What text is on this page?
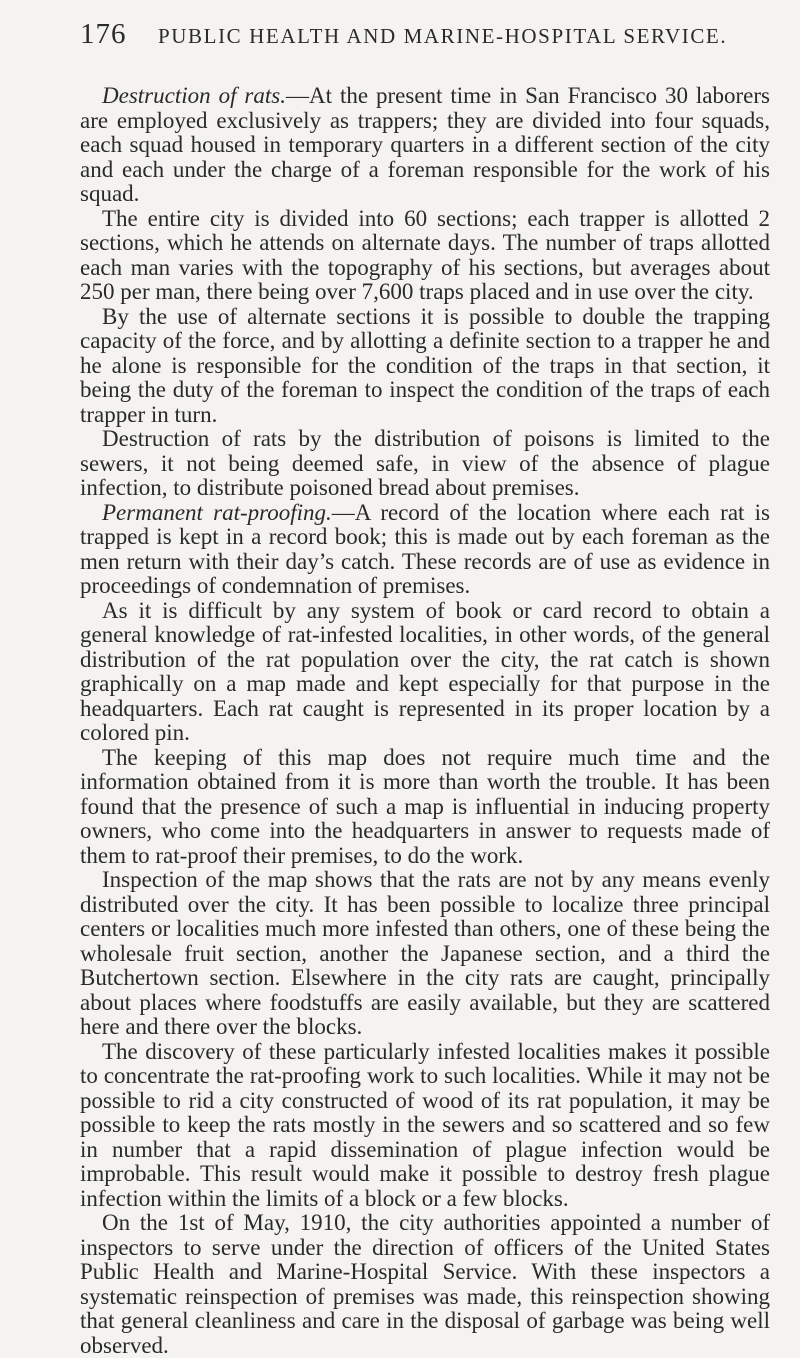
176	PUBLIC HEALTH AND MARINE-HOSPITAL SERVICE.

Destruction of rats.—At the present time in San Francisco 30 laborers are employed exclusively as trappers; they are divided into four squads, each squad housed in temporary quarters in a different section of the city and each under the charge of a foreman responsible for the work of his squad.

The entire city is divided into 60 sections; each trapper is allotted 2 sections, which he attends on alternate days. The number of traps allotted each man varies with the topography of his sections, but averages about 250 per man, there being over 7,600 traps placed and in use over the city.

By the use of alternate sections it is possible to double the trapping capacity of the force, and by allotting a definite section to a trapper he and he alone is responsible for the condition of the traps in that section, it being the duty of the foreman to inspect the condition of the traps of each trapper in turn.

Destruction of rats by the distribution of poisons is limited to the sewers, it not being deemed safe, in view of the absence of plague infection, to distribute poisoned bread about premises.

Permanent rat-proofing.—A record of the location where each rat is trapped is kept in a record book; this is made out by each foreman as the men return with their day’s catch. These records are of use as evidence in proceedings of condemnation of premises.

As it is difficult by any system of book or card record to obtain a general knowledge of rat-infested localities, in other words, of the general distribution of the rat population over the city, the rat catch is shown graphically on a map made and kept especially for that purpose in the headquarters. Each rat caught is represented in its proper location by a colored pin.

The keeping of this map does not require much time and the information obtained from it is more than worth the trouble. It has been found that the presence of such a map is influential in inducing property owners, who come into the headquarters in answer to requests made of them to rat-proof their premises, to do the work.

Inspection of the map shows that the rats are not by any means evenly distributed over the city. It has been possible to localize three principal centers or localities much more infested than others, one of these being the wholesale fruit section, another the Japanese section, and a third the Butchertown section. Elsewhere in the city rats are caught, principally about places where foodstuffs are easily available, but they are scattered here and there over the blocks.

The discovery of these particularly infested localities makes it possible to concentrate the rat-proofing work to such localities. While it may not be possible to rid a city constructed of wood of its rat population, it may be possible to keep the rats mostly in the sewers and so scattered and so few in number that a rapid dissemination of plague infection would be improbable. This result would make it possible to destroy fresh plague infection within the limits of a block or a few blocks.

On the 1st of May, 1910, the city authorities appointed a number of inspectors to serve under the direction of officers of the United States Public Health and Marine-Hospital Service. With these inspectors a systematic reinspection of premises was made, this reinspection showing that general cleanliness and care in the disposal of garbage was being well observed.
